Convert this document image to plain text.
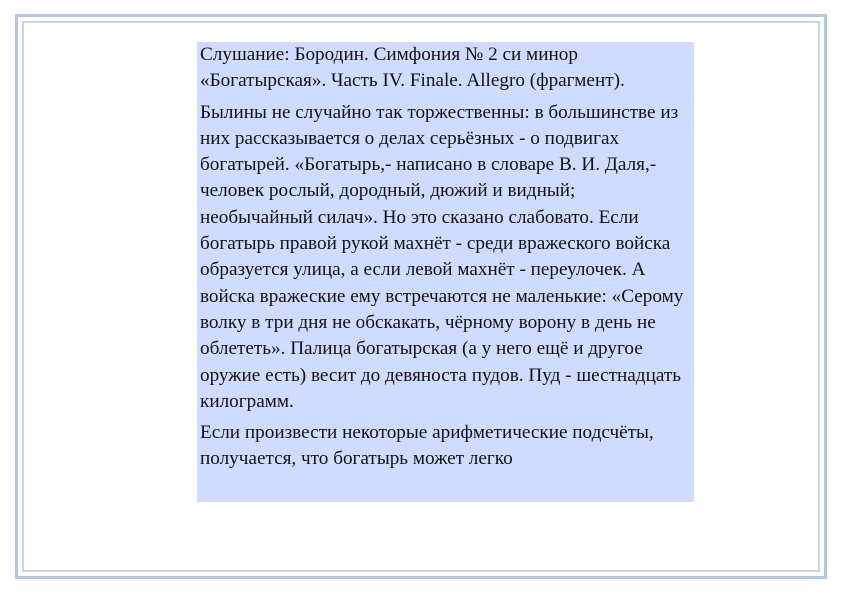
Слушание: Бородин. Симфония № 2 си минор «Богатырская». Часть IV. Finale. Allegro (фрагмент).

Былины не случайно так торжественны: в большинстве из них рассказывается о делах серьёзных - о подвигах богатырей. «Богатырь,- написано в словаре В. И. Даля,- человек рослый, дородный, дюжий и видный; необычайный силач». Но это сказано слабовато. Если богатырь правой рукой махнёт - среди вражеского войска образуется улица, а если левой махнёт - переулочек. А войска вражеские ему встречаются не маленькие: «Серому волку в три дня не обскакать, чёрному ворону в день не облететь». Палица богатырская (а у него ещё и другое оружие есть) весит до девяноста пудов. Пуд - шестнадцать килограмм.

Если произвести некоторые арифметические подсчёты, получается, что богатырь может легко
